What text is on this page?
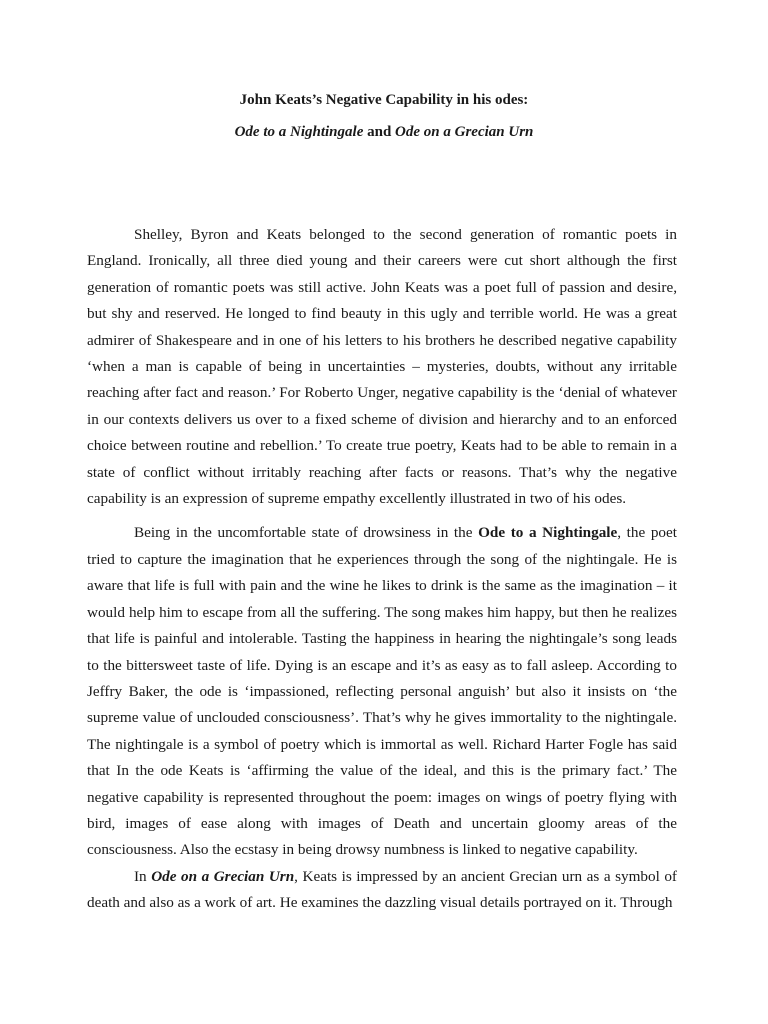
John Keats’s Negative Capability in his odes:
Ode to a Nightingale and Ode on a Grecian Urn

Shelley, Byron and Keats belonged to the second generation of romantic poets in England. Ironically, all three died young and their careers were cut short although the first generation of romantic poets was still active. John Keats was a poet full of passion and desire, but shy and reserved. He longed to find beauty in this ugly and terrible world. He was a great admirer of Shakespeare and in one of his letters to his brothers he described negative capability ‘when a man is capable of being in uncertainties – mysteries, doubts, without any irritable reaching after fact and reason.’ For Roberto Unger, negative capability is the ‘denial of whatever in our contexts delivers us over to a fixed scheme of division and hierarchy and to an enforced choice between routine and rebellion.’ To create true poetry, Keats had to be able to remain in a state of conflict without irritably reaching after facts or reasons. That’s why the negative capability is an expression of supreme empathy excellently illustrated in two of his odes.

Being in the uncomfortable state of drowsiness in the Ode to a Nightingale, the poet tried to capture the imagination that he experiences through the song of the nightingale. He is aware that life is full with pain and the wine he likes to drink is the same as the imagination – it would help him to escape from all the suffering. The song makes him happy, but then he realizes that life is painful and intolerable. Tasting the happiness in hearing the nightingale’s song leads to the bittersweet taste of life. Dying is an escape and it’s as easy as to fall asleep. According to Jeffry Baker, the ode is ‘impassioned, reflecting personal anguish’ but also it insists on ‘the supreme value of unclouded consciousness’. That’s why he gives immortality to the nightingale. The nightingale is a symbol of poetry which is immortal as well. Richard Harter Fogle has said that In the ode Keats is ‘affirming the value of the ideal, and this is the primary fact.’ The negative capability is represented throughout the poem: images on wings of poetry flying with bird, images of ease along with images of Death and uncertain gloomy areas of the consciousness. Also the ecstasy in being drowsy numbness is linked to negative capability.

In Ode on a Grecian Urn, Keats is impressed by an ancient Grecian urn as a symbol of death and also as a work of art. He examines the dazzling visual details portrayed on it. Through
